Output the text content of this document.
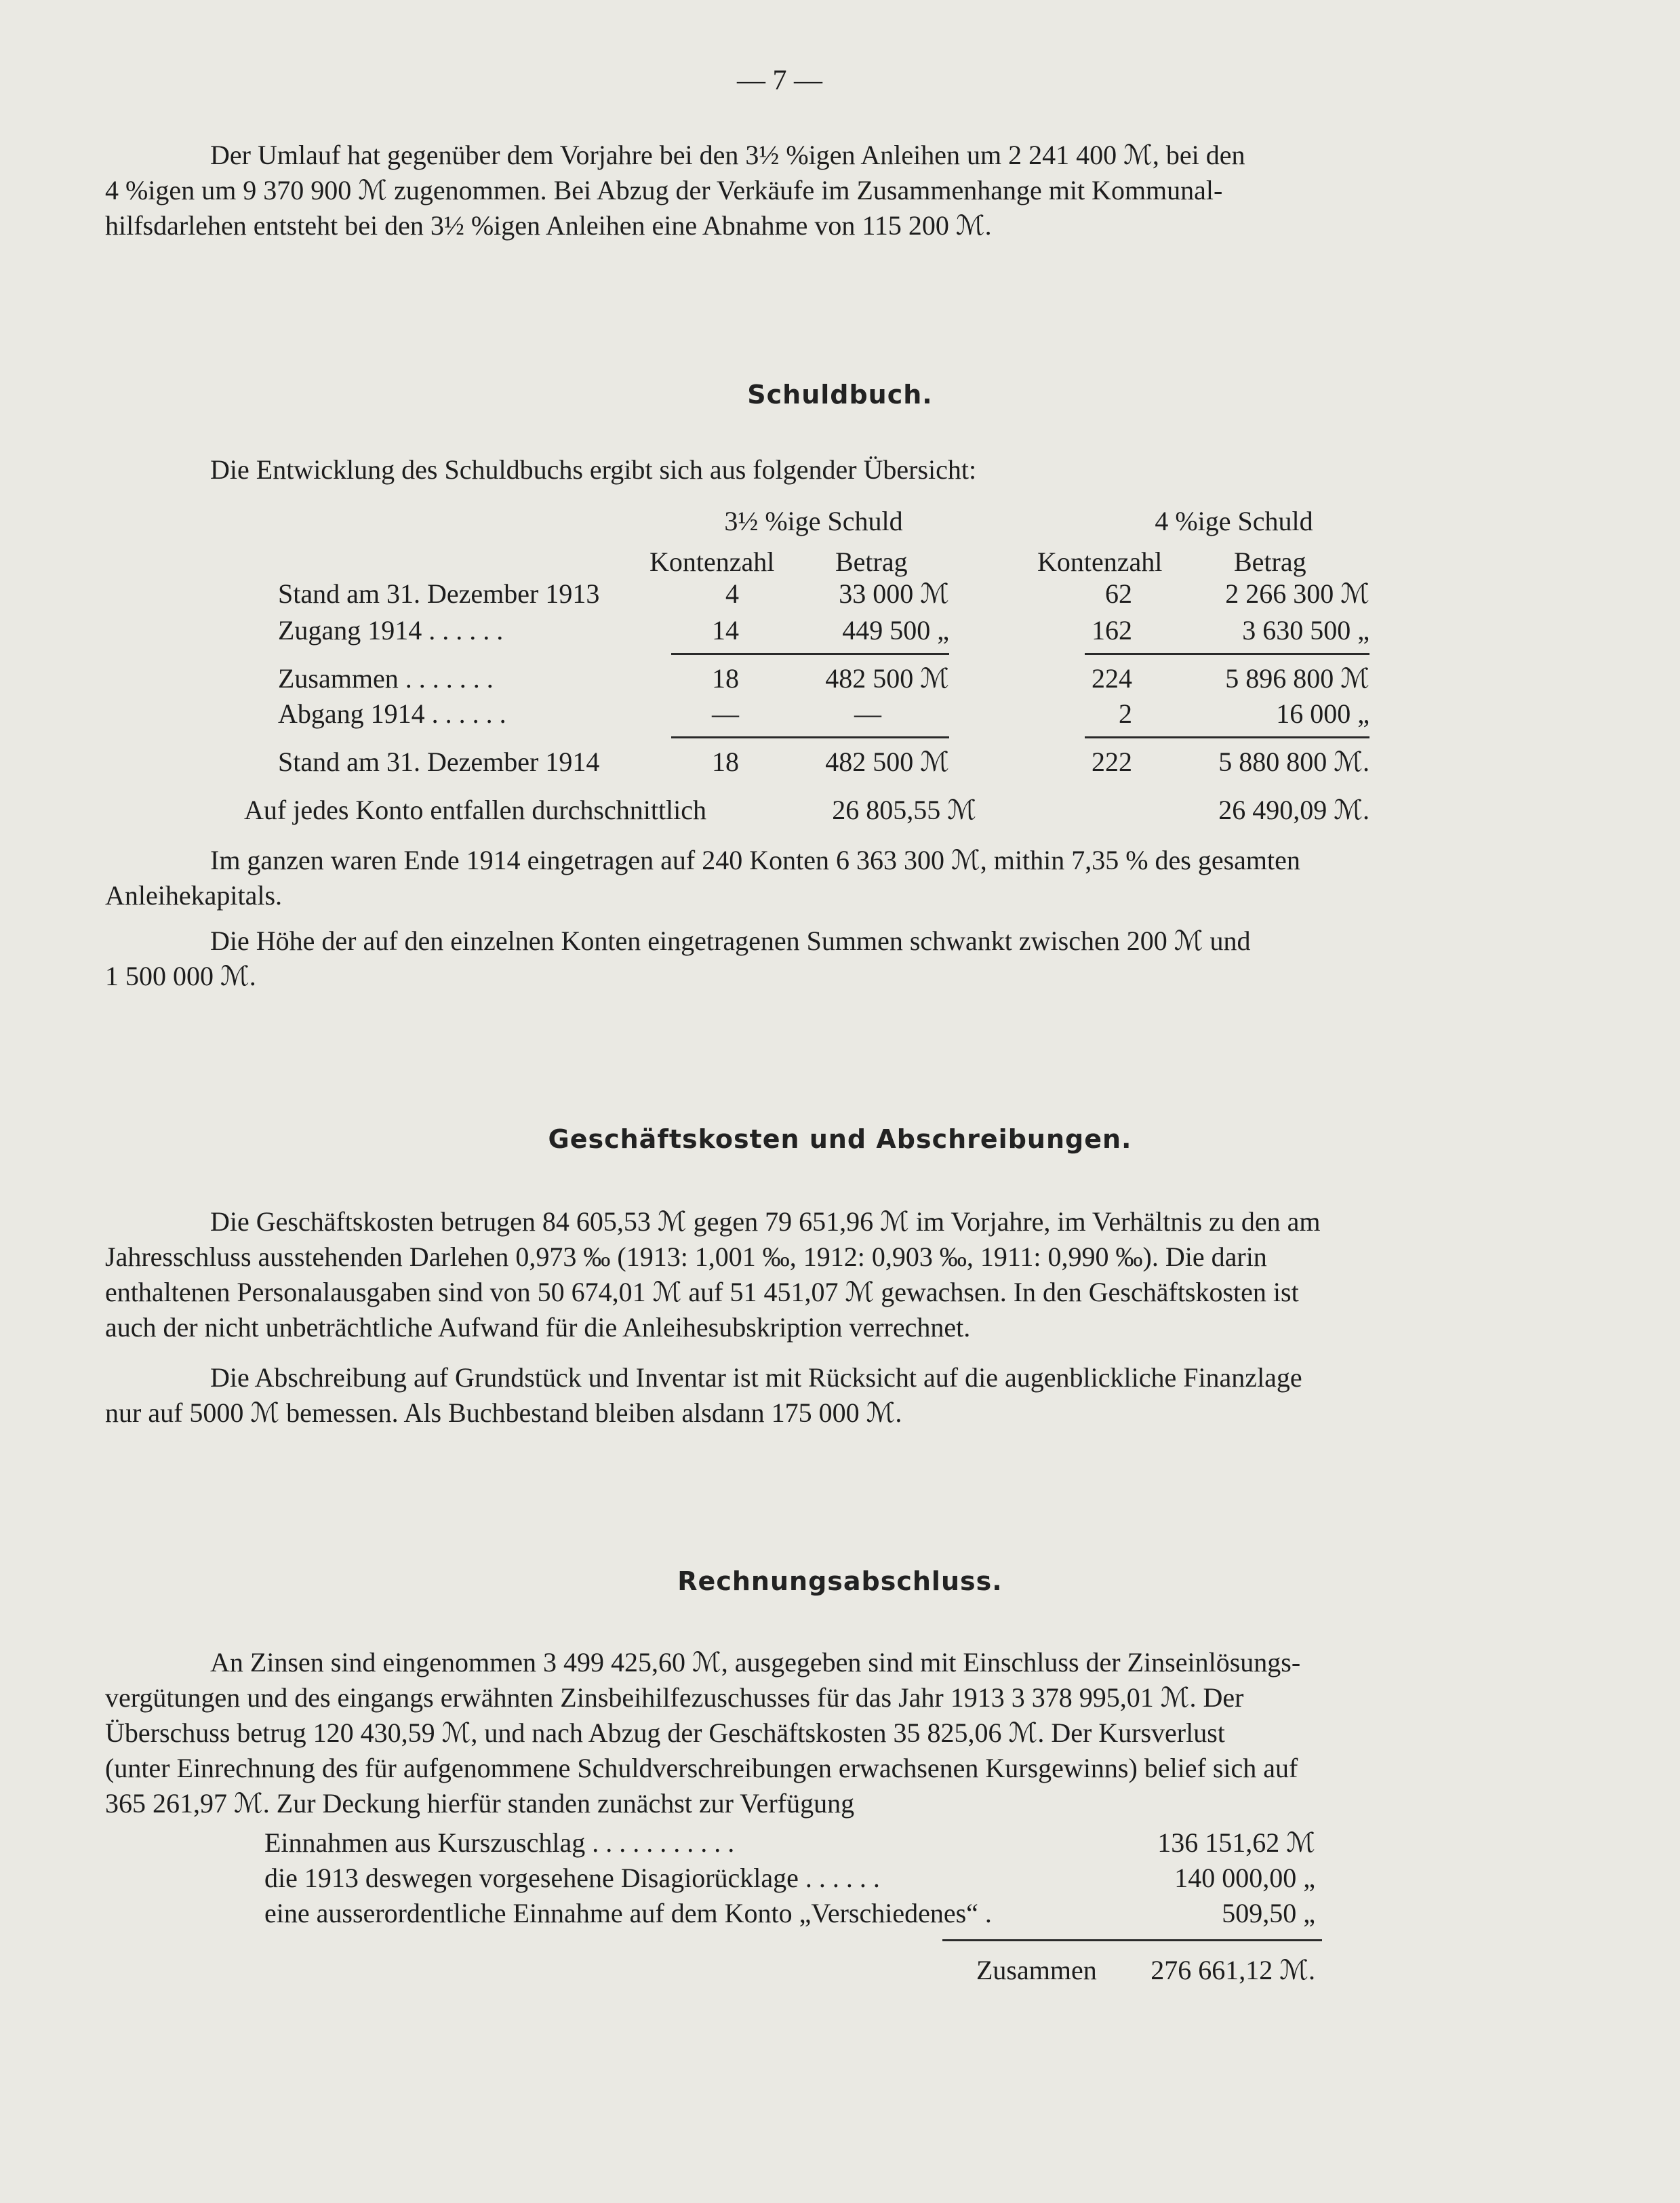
— 7 —
Der Umlauf hat gegenüber dem Vorjahre bei den 3½ %igen Anleihen um 2 241 400 ℳ, bei den
4 %igen um 9 370 900 ℳ zugenommen. Bei Abzug der Verkäufe im Zusammenhange mit Kommunal-
hilfsdarlehen entsteht bei den 3½ %igen Anleihen eine Abnahme von 115 200 ℳ.
Schuldbuch.
Die Entwicklung des Schuldbuchs ergibt sich aus folgender Übersicht:
3½ %ige Schuld	4 %ige Schuld
Kontenzahl Betrag	Kontenzahl	Betrag
Stand am 31. Dezember 1913	4	33 000 ℳ	62	2 266 300 ℳ
Zugang 1914 . . . . . .	14	449 500 „	162	3 630 500 „
Zusammen . . . . . . .	18	482 500 ℳ	224	5 896 800 ℳ
Abgang 1914 . . . . . .	—	—	2	16 000 „
Stand am 31. Dezember 1914	18	482 500 ℳ	222	5 880 800 ℳ.
Auf jedes Konto entfallen durchschnittlich	26 805,55 ℳ	26 490,09 ℳ.
Im ganzen waren Ende 1914 eingetragen auf 240 Konten 6 363 300 ℳ, mithin 7,35 % des gesamten
Anleihekapitals.
Die Höhe der auf den einzelnen Konten eingetragenen Summen schwankt zwischen 200 ℳ und
1 500 000 ℳ.
Geschäftskosten und Abschreibungen.
Die Geschäftskosten betrugen 84 605,53 ℳ gegen 79 651,96 ℳ im Vorjahre, im Verhältnis zu den am
Jahresschluss ausstehenden Darlehen 0,973 ‰ (1913: 1,001 ‰, 1912: 0,903 ‰, 1911: 0,990 ‰). Die darin
enthaltenen Personalausgaben sind von 50 674,01 ℳ auf 51 451,07 ℳ gewachsen. In den Geschäftskosten ist
auch der nicht unbeträchtliche Aufwand für die Anleihesubskription verrechnet.
Die Abschreibung auf Grundstück und Inventar ist mit Rücksicht auf die augenblickliche Finanzlage
nur auf 5000 ℳ bemessen. Als Buchbestand bleiben alsdann 175 000 ℳ.
Rechnungsabschluss.
An Zinsen sind eingenommen 3 499 425,60 ℳ, ausgegeben sind mit Einschluss der Zinseinlösungs-
vergütungen und des eingangs erwähnten Zinsbeihilfezuschusses für das Jahr 1913 3 378 995,01 ℳ. Der
Überschuss betrug 120 430,59 ℳ, und nach Abzug der Geschäftskosten 35 825,06 ℳ. Der Kursverlust
(unter Einrechnung des für aufgenommene Schuldverschreibungen erwachsenen Kursgewinns) belief sich auf
365 261,97 ℳ. Zur Deckung hierfür standen zunächst zur Verfügung
Einnahmen aus Kurszuschlag . . . . . . . . . . .	136 151,62 ℳ
die 1913 deswegen vorgesehene Disagiorücklage . . . . . .	140 000,00 „
eine ausserordentliche Einnahme auf dem Konto „Verschiedenes“ .	509,50 „
Zusammen	276 661,12 ℳ.
